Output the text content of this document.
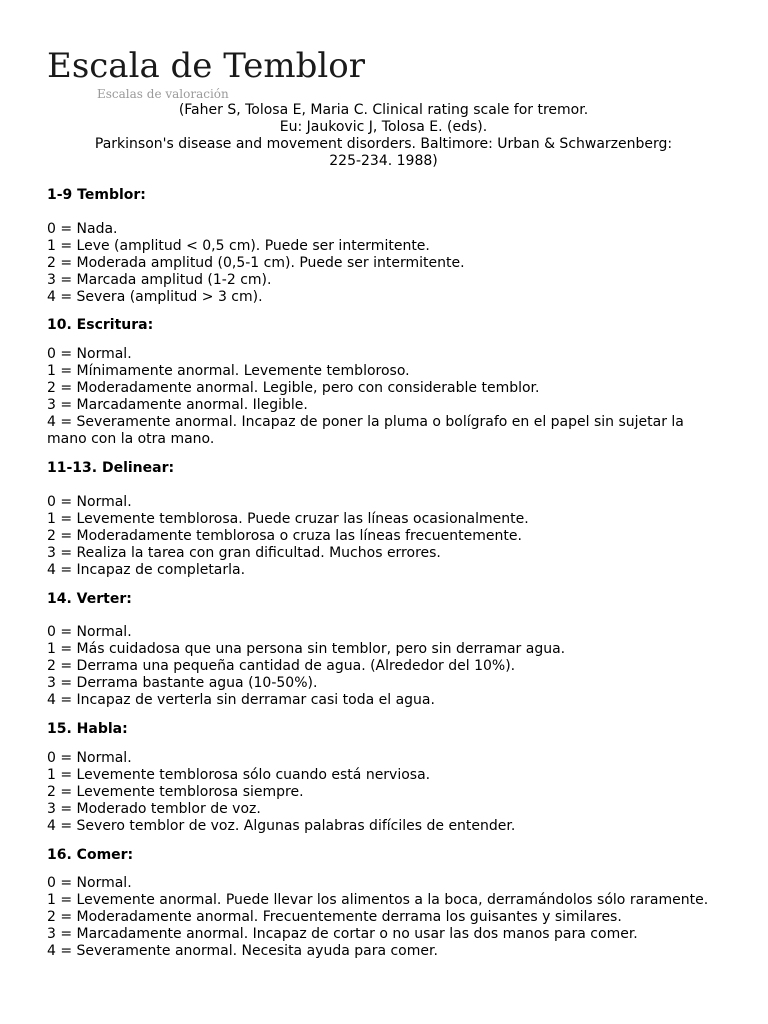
Escala de Temblor
Escalas de valoración
(Faher S, Tolosa E, Maria C. Clinical rating scale for tremor.
Eu: Jaukovic J, Tolosa E. (eds).
Parkinson's disease and movement disorders. Baltimore: Urban & Schwarzenberg:
225-234. 1988)
1-9 Temblor:
0 = Nada.
1 = Leve (amplitud < 0,5 cm). Puede ser intermitente.
2 = Moderada amplitud (0,5-1 cm). Puede ser intermitente.
3 = Marcada amplitud (1-2 cm).
4 = Severa (amplitud > 3 cm).
10. Escritura:
0 = Normal.
1 = Mínimamente anormal. Levemente tembloroso.
2 = Moderadamente anormal. Legible, pero con considerable temblor.
3 = Marcadamente anormal. Ilegible.
4 = Severamente anormal. Incapaz de poner la pluma o bolígrafo en el papel sin sujetar la mano con la otra mano.
11-13. Delinear:
0 = Normal.
1 = Levemente temblorosa. Puede cruzar las líneas ocasionalmente.
2 = Moderadamente temblorosa o cruza las líneas frecuentemente.
3 = Realiza la tarea con gran dificultad. Muchos errores.
4 = Incapaz de completarla.
14. Verter:
0 = Normal.
1 = Más cuidadosa que una persona sin temblor, pero sin derramar agua.
2 = Derrama una pequeña cantidad de agua. (Alrededor del 10%).
3 = Derrama bastante agua (10-50%).
4 = Incapaz de verterla sin derramar casi toda el agua.
15. Habla:
0 = Normal.
1 = Levemente temblorosa sólo cuando está nerviosa.
2 = Levemente temblorosa siempre.
3 = Moderado temblor de voz.
4 = Severo temblor de voz. Algunas palabras difíciles de entender.
16. Comer:
0 = Normal.
1 = Levemente anormal. Puede llevar los alimentos a la boca, derramándolos sólo raramente.
2 = Moderadamente anormal. Frecuentemente derrama los guisantes y similares.
3 = Marcadamente anormal. Incapaz de cortar o no usar las dos manos para comer.
4 = Severamente anormal. Necesita ayuda para comer.
